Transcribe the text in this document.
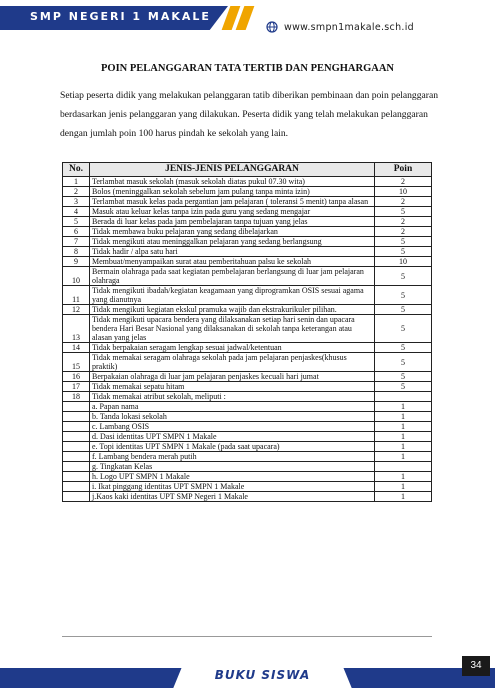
SMP NEGERI 1 MAKALE
www.smpn1makale.sch.id
POIN PELANGGARAN TATA TERTIB DAN PENGHARGAAN
Setiap peserta didik yang melakukan pelanggaran tatib diberikan pembinaan dan poin pelanggaran berdasarkan jenis pelanggaran yang dilakukan. Peserta didik yang telah melakukan pelanggaran dengan jumlah poin 100 harus pindah ke sekolah yang lain.
No.	JENIS-JENIS PELANGGARAN	Poin
1	Terlambat masuk sekolah (masuk sekolah diatas pukul 07.30 wita)	2
2	Bolos (meninggalkan sekolah sebelum jam pulang tanpa minta izin)	10
3	Terlambat masuk kelas pada pergantian jam pelajaran ( toleransi 5 menit) tanpa alasan	2
4	Masuk atau keluar kelas tanpa izin pada guru yang sedang mengajar	5
5	Berada di luar kelas pada jam pembelajaran tanpa tujuan yang jelas	2
6	Tidak membawa buku pelajaran yang sedang dibelajarkan	2
7	Tidak mengikuti atau meninggalkan pelajaran yang sedang berlangsung	5
8	Tidak hadir / alpa satu hari	5
9	Membuat/menyampaikan surat atau pemberitahuan palsu ke sekolah	10
10	Bermain olahraga pada saat kegiatan pembelajaran berlangsung di luar jam pelajaran olahraga	5
11	Tidak mengikuti ibadah/kegiatan keagamaan yang diprogramkan OSIS sesuai agama yang dianutnya	5
12	Tidak mengikuti kegiatan ekskul pramuka wajib dan ekstrakurikuler pilihan.	5
13	Tidak mengikuti upacara bendera yang dilaksanakan setiap hari senin dan upacara bendera Hari Besar Nasional yang dilaksanakan di sekolah tanpa keterangan atau alasan yang jelas	5
14	Tidak berpakaian seragam lengkap sesuai jadwal/ketentuan	5
15	Tidak memakai seragam olahraga sekolah pada jam pelajaran penjaskes(khusus praktik)	5
16	Berpakaian olahraga di luar jam pelajaran penjaskes kecuali hari jumat	5
17	Tidak memakai sepatu hitam	5
18	Tidak memakai atribut sekolah, meliputi :	
	a. Papan nama	1
	b. Tanda lokasi sekolah	1
	c. Lambang OSIS	1
	d. Dasi identitas UPT SMPN 1 Makale	1
	e. Topi identitas UPT SMPN 1 Makale (pada saat upacara)	1
	f. Lambang bendera merah putih	1
	g. Tingkatan Kelas	
	h. Logo UPT SMPN 1 Makale	1
	i. Ikat pinggang identitas UPT SMPN 1 Makale	1
	j.Kaos kaki identitas UPT SMP Negeri 1 Makale	1
BUKU SISWA
34
